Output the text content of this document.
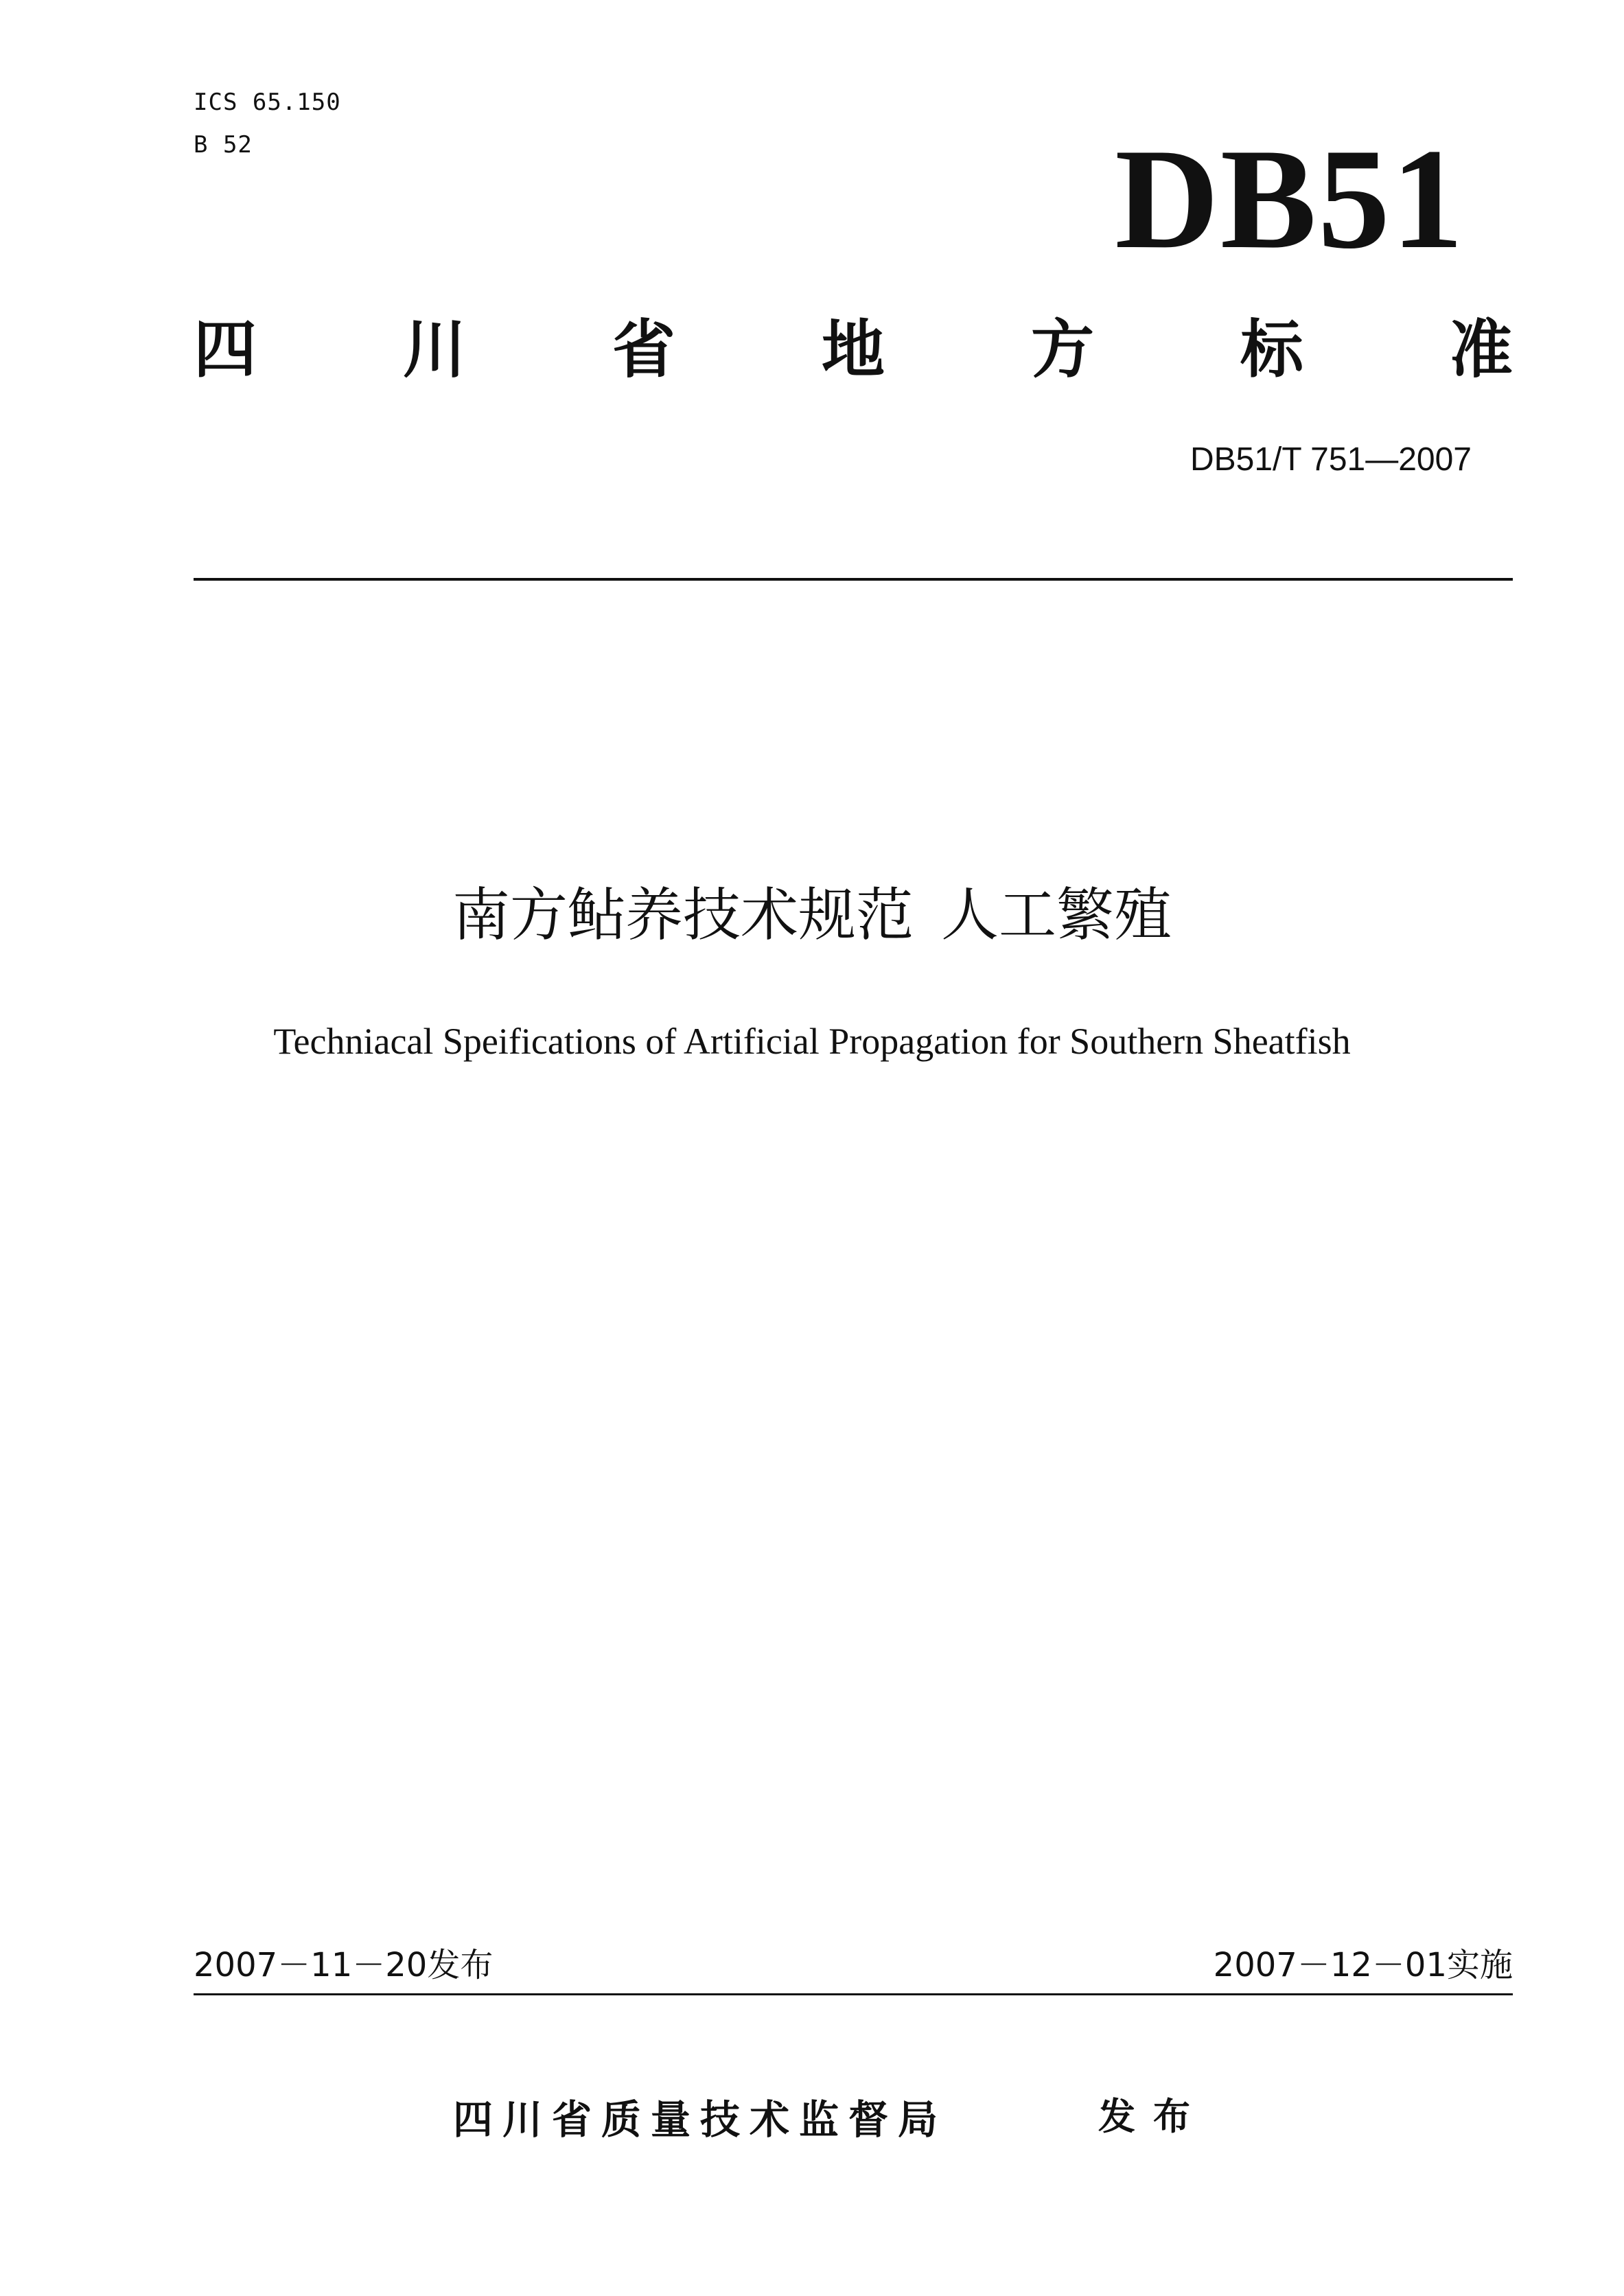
ICS 65.150
B 52	DB51
四 川 省 地 方 标 准
DB51/T 751—2007
南方鲇养技术规范 人工繁殖
Techniacal Speifications of Artificial Propagation for Southern Sheatfish
2007－11－20发布	2007－12－01实施
四川省质量技术监督局	发布
